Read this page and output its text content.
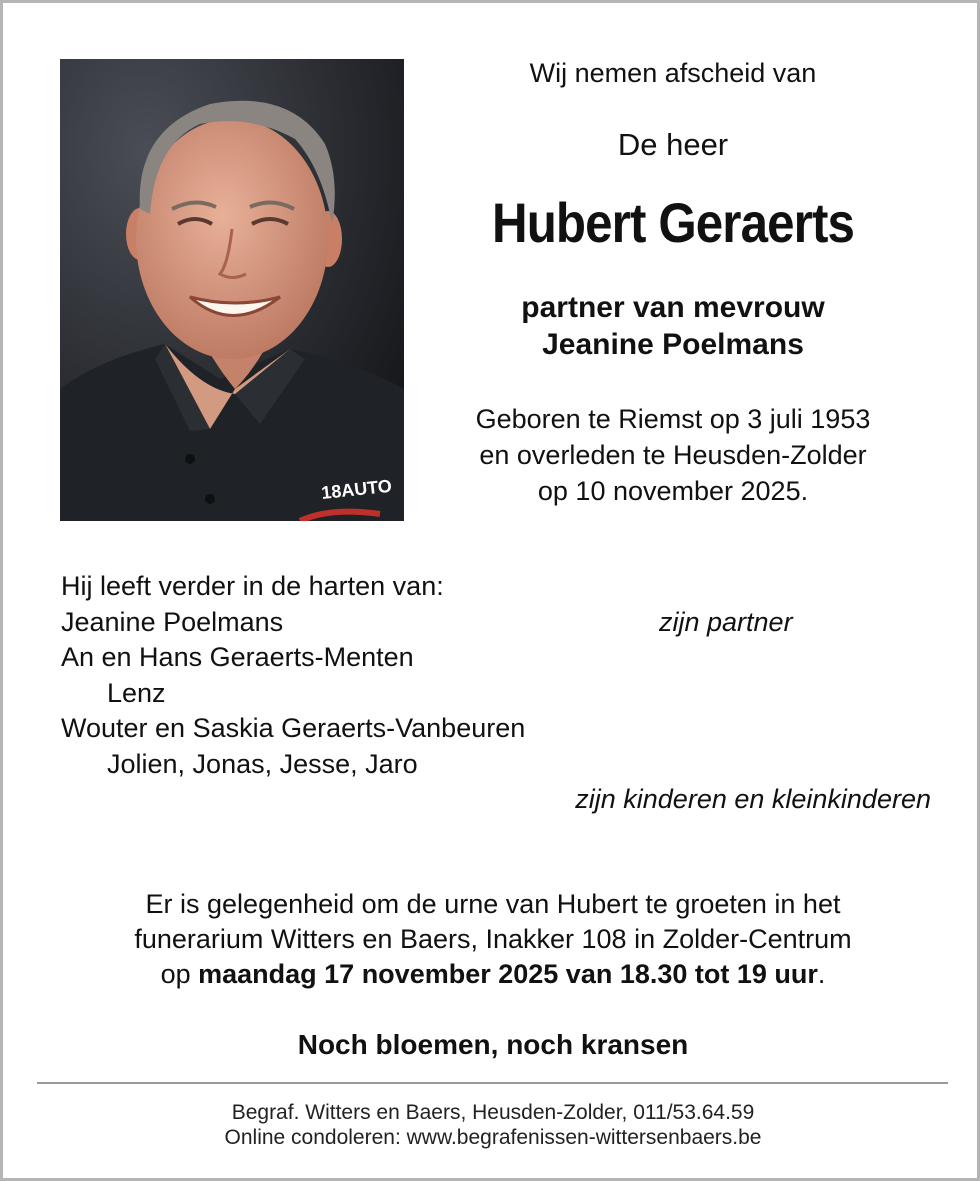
18AUTO
Wij nemen afscheid van
De heer
Hubert Geraerts
partner van mevrouw
Jeanine Poelmans
Geboren te Riemst op 3 juli 1953
en overleden te Heusden-Zolder
op 10 november 2025.
Hij leeft verder in de harten van:
Jeanine Poelmans	zijn partner
An en Hans Geraerts-Menten
Lenz
Wouter en Saskia Geraerts-Vanbeuren
Jolien, Jonas, Jesse, Jaro
zijn kinderen en kleinkinderen
Er is gelegenheid om de urne van Hubert te groeten in het
funerarium Witters en Baers, Inakker 108 in Zolder-Centrum
op maandag 17 november 2025 van 18.30 tot 19 uur.
Noch bloemen, noch kransen
Begraf. Witters en Baers, Heusden-Zolder, 011/53.64.59
Online condoleren: www.begrafenissen-wittersenbaers.be
